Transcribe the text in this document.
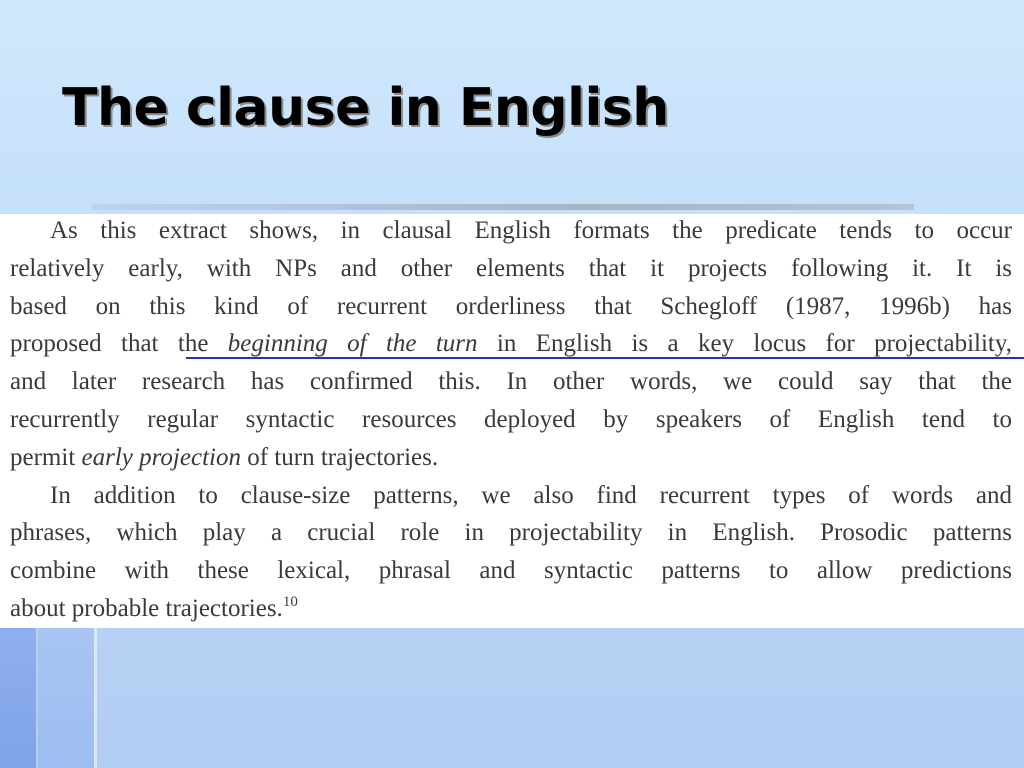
The clause in English
As this extract shows, in clausal English formats the predicate tends to occur
relatively early, with NPs and other elements that it projects following it. It is
based on this kind of recurrent orderliness that Schegloff (1987, 1996b) has
proposed that the beginning of the turn in English is a key locus for projectability,
and later research has confirmed this. In other words, we could say that the
recurrently regular syntactic resources deployed by speakers of English tend to
permit early projection of turn trajectories.
In addition to clause-size patterns, we also find recurrent types of words and
phrases, which play a crucial role in projectability in English. Prosodic patterns
combine with these lexical, phrasal and syntactic patterns to allow predictions
about probable trajectories.$^{10}$
